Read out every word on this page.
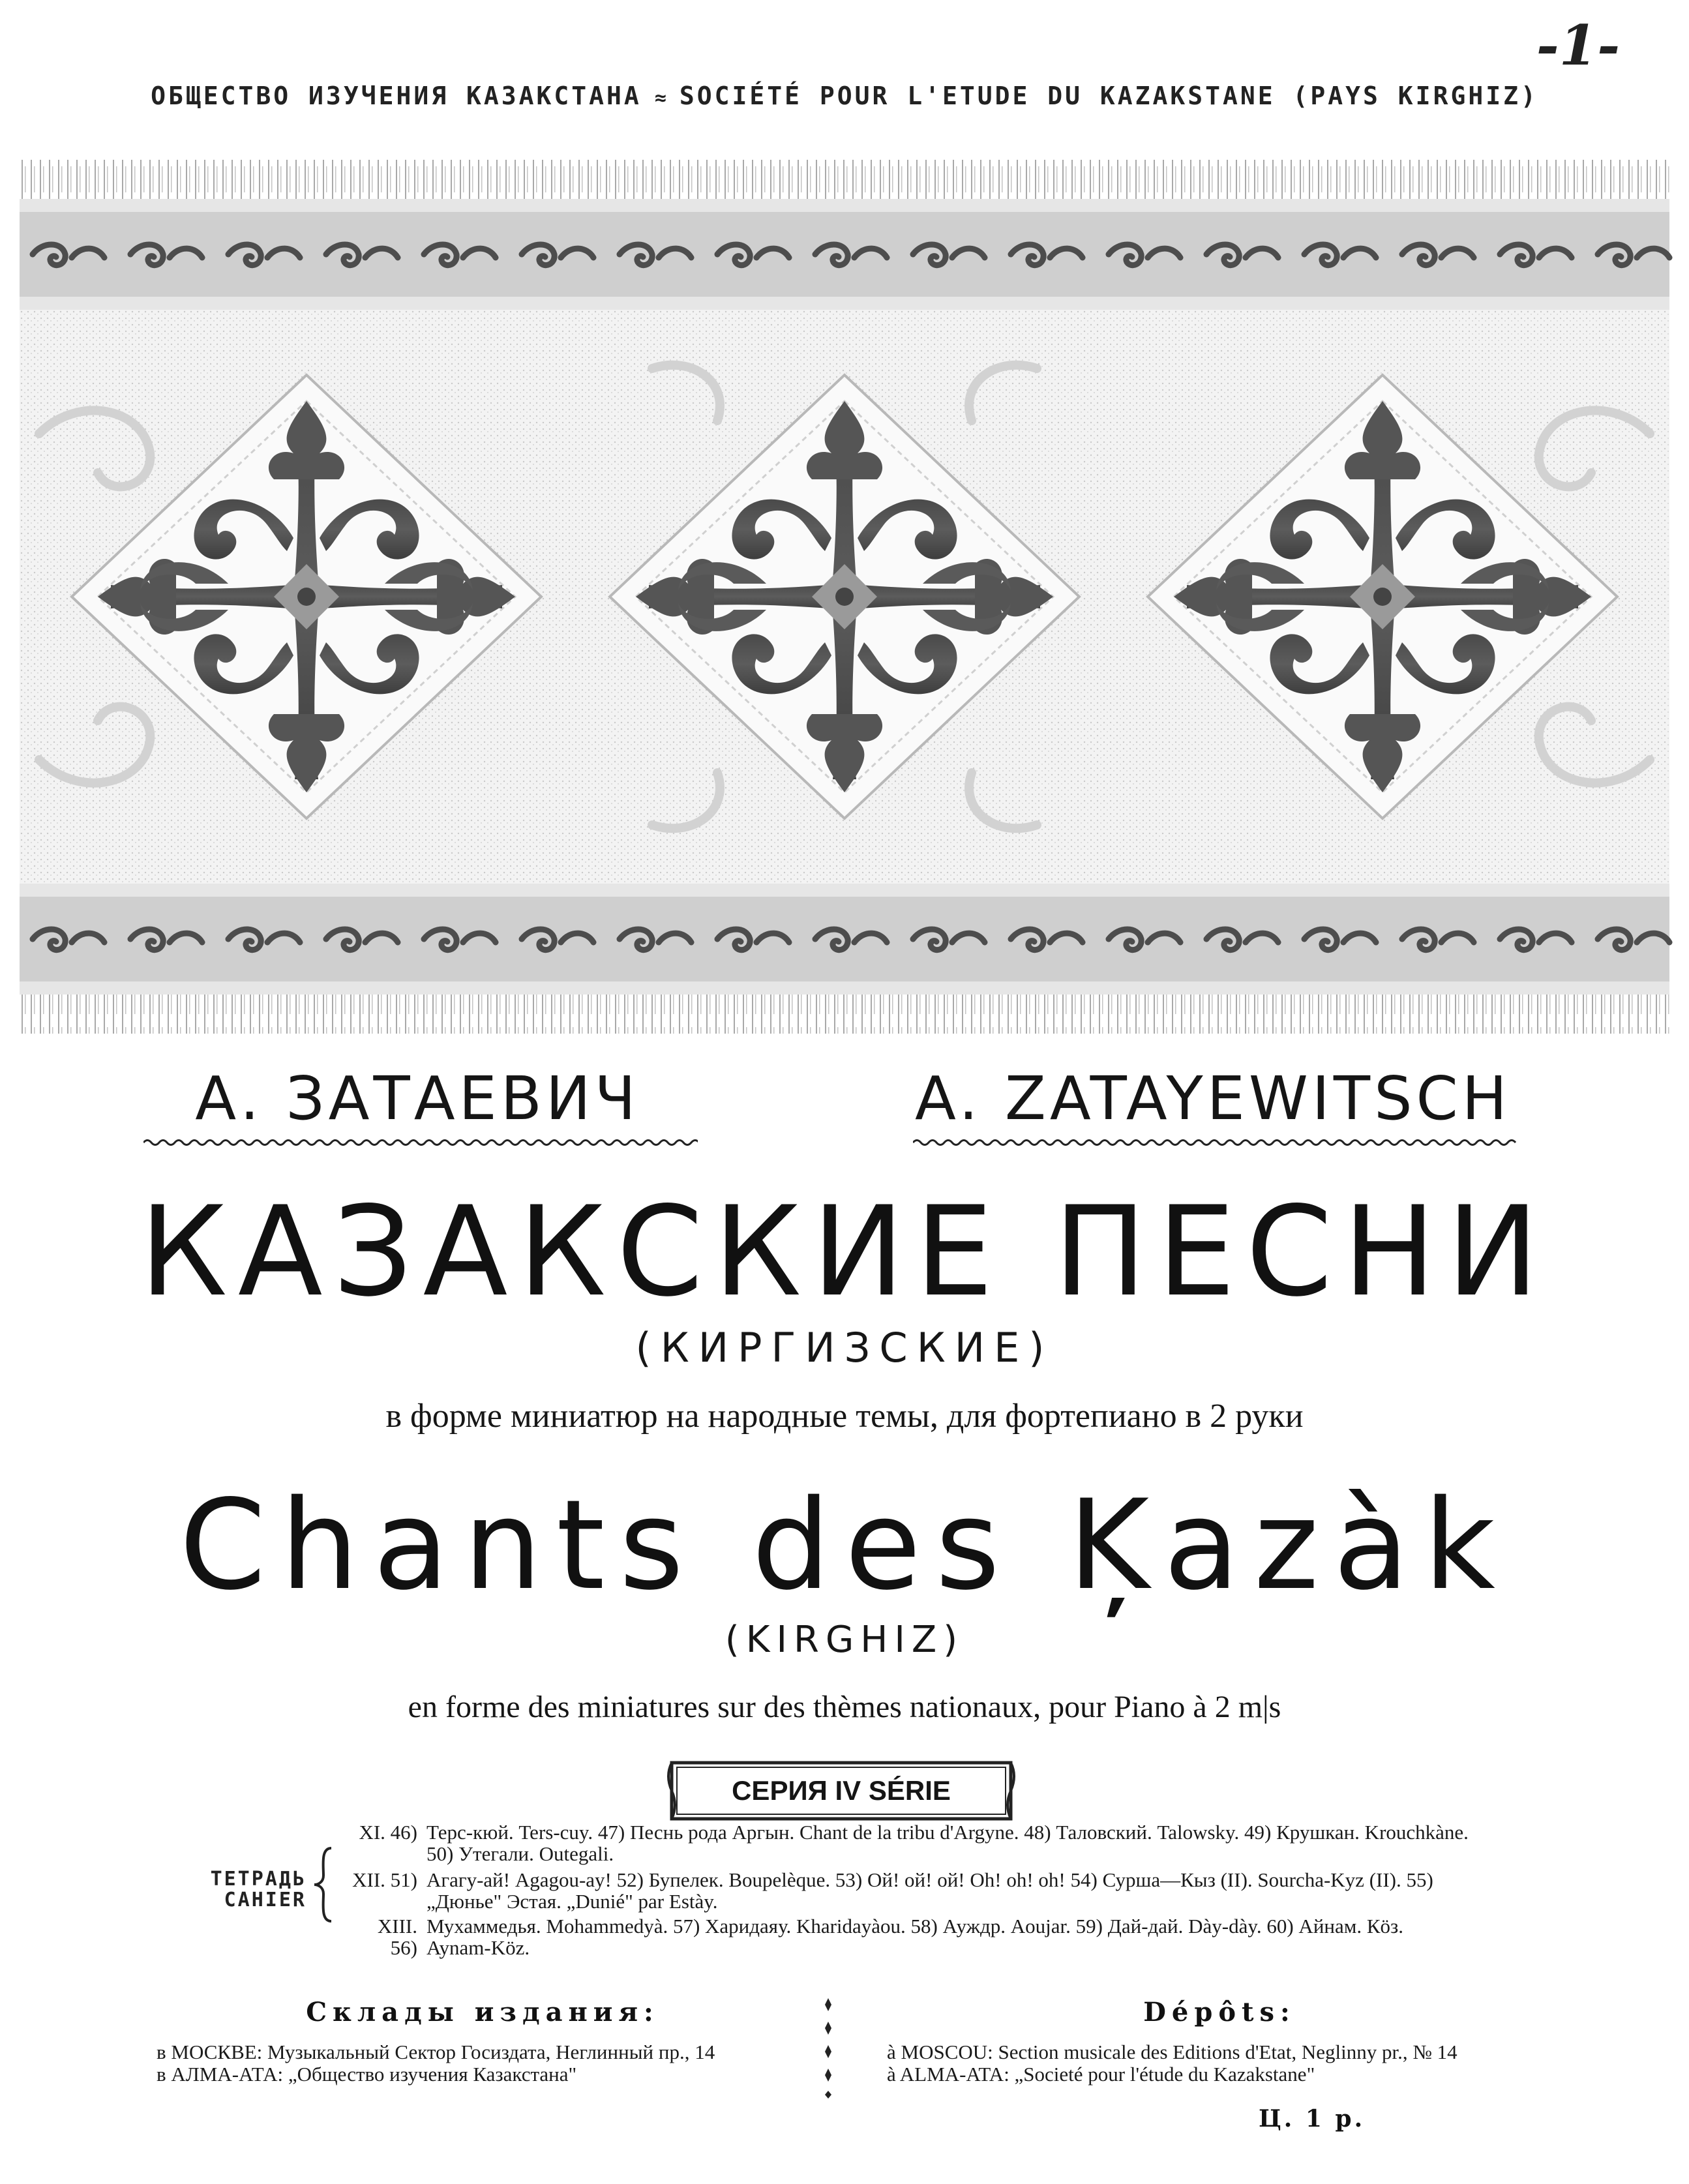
-1-
ОБЩЕСТВО ИЗУЧЕНИЯ КАЗАКСТАНА ≈ SOCIÉTÉ POUR L'ETUDE DU KAZAKSTANE (PAYS KIRGHIZ)
А. ЗАТАЕВИЧ	A. ZATAYEWITSCH
КАЗАКСКИЕ ПЕСНИ
(КИРГИЗСКИЕ)
в форме миниатюр на народные темы, для фортепиано в 2 руки
Chants des Ķazàk
(KIRGHIZ)
en forme des miniatures sur des thèmes nationaux, pour Piano à 2 m|s
СЕРИЯ IV SÉRIE
ТЕТРАДЬ
CAHIER
XI. 46) Терс-кюй. Ters-cuy. 47) Песнь рода Аргын. Chant de la tribu d'Argyne. 48) Таловский. Talowsky. 49) Крушкан. Krouchkàne. 50) Утегали. Outegali.
XII. 51) Агагу-ай! Agagou-ay! 52) Бупелек. Boupelèque. 53) Ой! ой! ой! Oh! oh! oh! 54) Сурша—Кыз (II). Sourcha-Kyz (II). 55) „Дюнье" Эстая. „Dunié" par Estày.
XIII. 56)
Мухаммедья. Mohammedyà. 57) Харидаяу. Kharidayàou. 58) Ауждр. Aoujar. 59) Дай-дай. Dày-dày. 60) Айнам. Кöз. Aynam-Köz.
Склады издания:	Dépôts:
в МОСКВЕ: Музыкальный Сектор Госиздата, Неглинный пр., 14
в АЛМА-АТА: „Общество изучения Казакстана"
à MOSCOU: Section musicale des Editions d'Etat, Neglinny pr., № 14
à ALMA-ATA: „Societé pour l'étude du Kazakstane"
Ц. 1 р.
